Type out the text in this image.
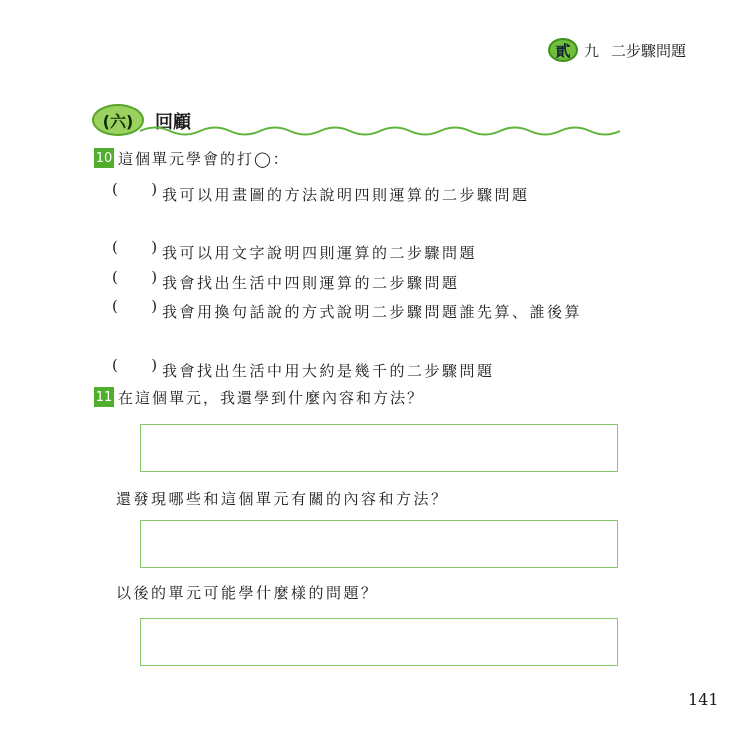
貳 九 二步驟問題
(六)	回顧
10 這個單元學會的打◯：
(       ) 我可以用畫圖的方法說明四則運算的二步驟問題
(       ) 我可以用文字說明四則運算的二步驟問題
(       ) 我會找出生活中四則運算的二步驟問題
(       ) 我會用換句話說的方式說明二步驟問題誰先算、誰後算
(       ) 我會找出生活中用大約是幾千的二步驟問題
11 在這個單元，我還學到什麼內容和方法？
還發現哪些和這個單元有關的內容和方法？
以後的單元可能學什麼樣的問題？
141
